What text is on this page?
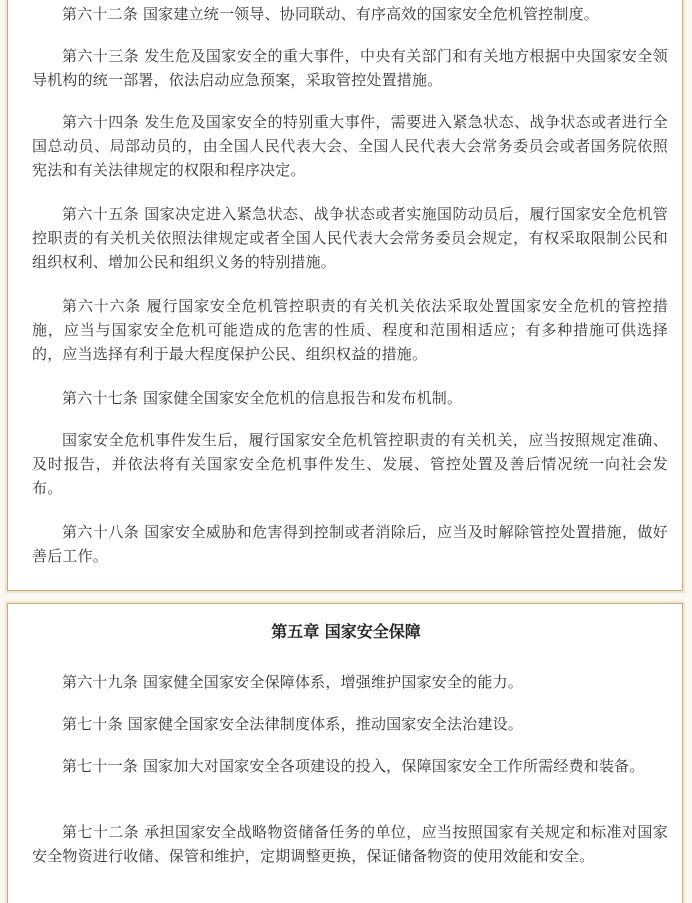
第六十二条 国家建立统一领导、协同联动、有序高效的国家安全危机管控制度。

第六十三条 发生危及国家安全的重大事件，中央有关部门和有关地方根据中央国家安全领导机构的统一部署，依法启动应急预案，采取管控处置措施。

第六十四条 发生危及国家安全的特别重大事件，需要进入紧急状态、战争状态或者进行全国总动员、局部动员的，由全国人民代表大会、全国人民代表大会常务委员会或者国务院依照宪法和有关法律规定的权限和程序决定。

第六十五条 国家决定进入紧急状态、战争状态或者实施国防动员后，履行国家安全危机管控职责的有关机关依照法律规定或者全国人民代表大会常务委员会规定，有权采取限制公民和组织权利、增加公民和组织义务的特别措施。

第六十六条 履行国家安全危机管控职责的有关机关依法采取处置国家安全危机的管控措施，应当与国家安全危机可能造成的危害的性质、程度和范围相适应；有多种措施可供选择的，应当选择有利于最大程度保护公民、组织权益的措施。

第六十七条 国家健全国家安全危机的信息报告和发布机制。

国家安全危机事件发生后，履行国家安全危机管控职责的有关机关，应当按照规定准确、及时报告，并依法将有关国家安全危机事件发生、发展、管控处置及善后情况统一向社会发布。

第六十八条 国家安全威胁和危害得到控制或者消除后，应当及时解除管控处置措施，做好善后工作。

第五章 国家安全保障

第六十九条 国家健全国家安全保障体系，增强维护国家安全的能力。

第七十条 国家健全国家安全法律制度体系，推动国家安全法治建设。

第七十一条 国家加大对国家安全各项建设的投入，保障国家安全工作所需经费和装备。

第七十二条 承担国家安全战略物资储备任务的单位，应当按照国家有关规定和标准对国家安全物资进行收储、保管和维护，定期调整更换，保证储备物资的使用效能和安全。
